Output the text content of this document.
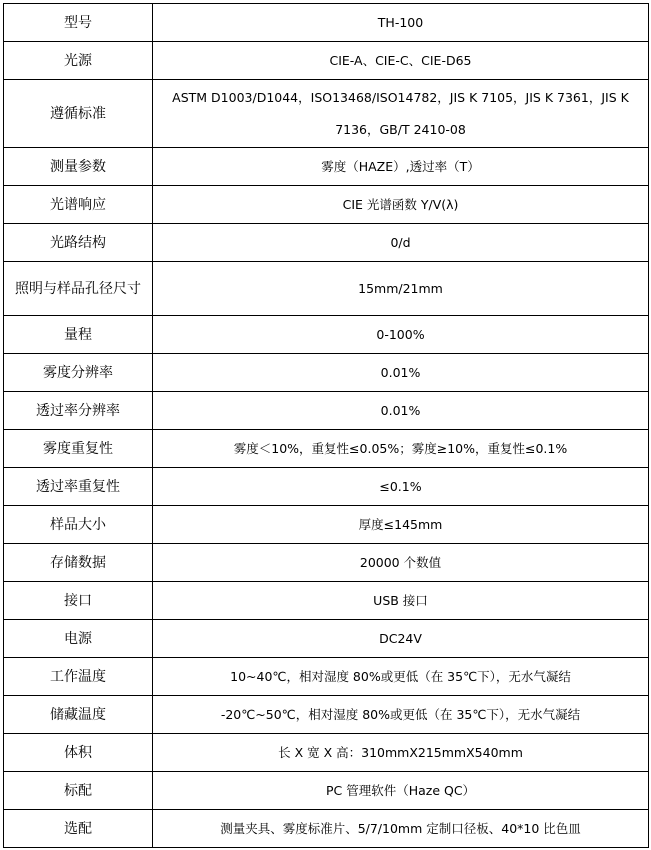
型号	TH-100
光源	CIE-A、CIE-C、CIE-D65
遵循标准	ASTM D1003/D1044，ISO13468/ISO14782，JIS K 7105，JIS K 7361，JIS K 7136，GB/T 2410-08
测量参数	雾度（HAZE）,透过率（T）
光谱响应	CIE 光谱函数 Y/V(λ)
光路结构	0/d
照明与样品孔径尺寸	15mm/21mm
量程	0-100%
雾度分辨率	0.01%
透过率分辨率	0.01%
雾度重复性	雾度＜10%，重复性≤0.05%；雾度≥10%，重复性≤0.1%
透过率重复性	≤0.1%
样品大小	厚度≤145mm
存储数据	20000 个数值
接口	USB 接口
电源	DC24V
工作温度	10~40℃，相对湿度 80%或更低（在 35℃下），无水气凝结
储藏温度	-20℃~50℃，相对湿度 80%或更低（在 35℃下），无水气凝结
体积	长 X 宽 X 高：310mmX215mmX540mm
标配	PC 管理软件（Haze QC）
选配	测量夹具、雾度标准片、5/7/10mm 定制口径板、40*10 比色皿
